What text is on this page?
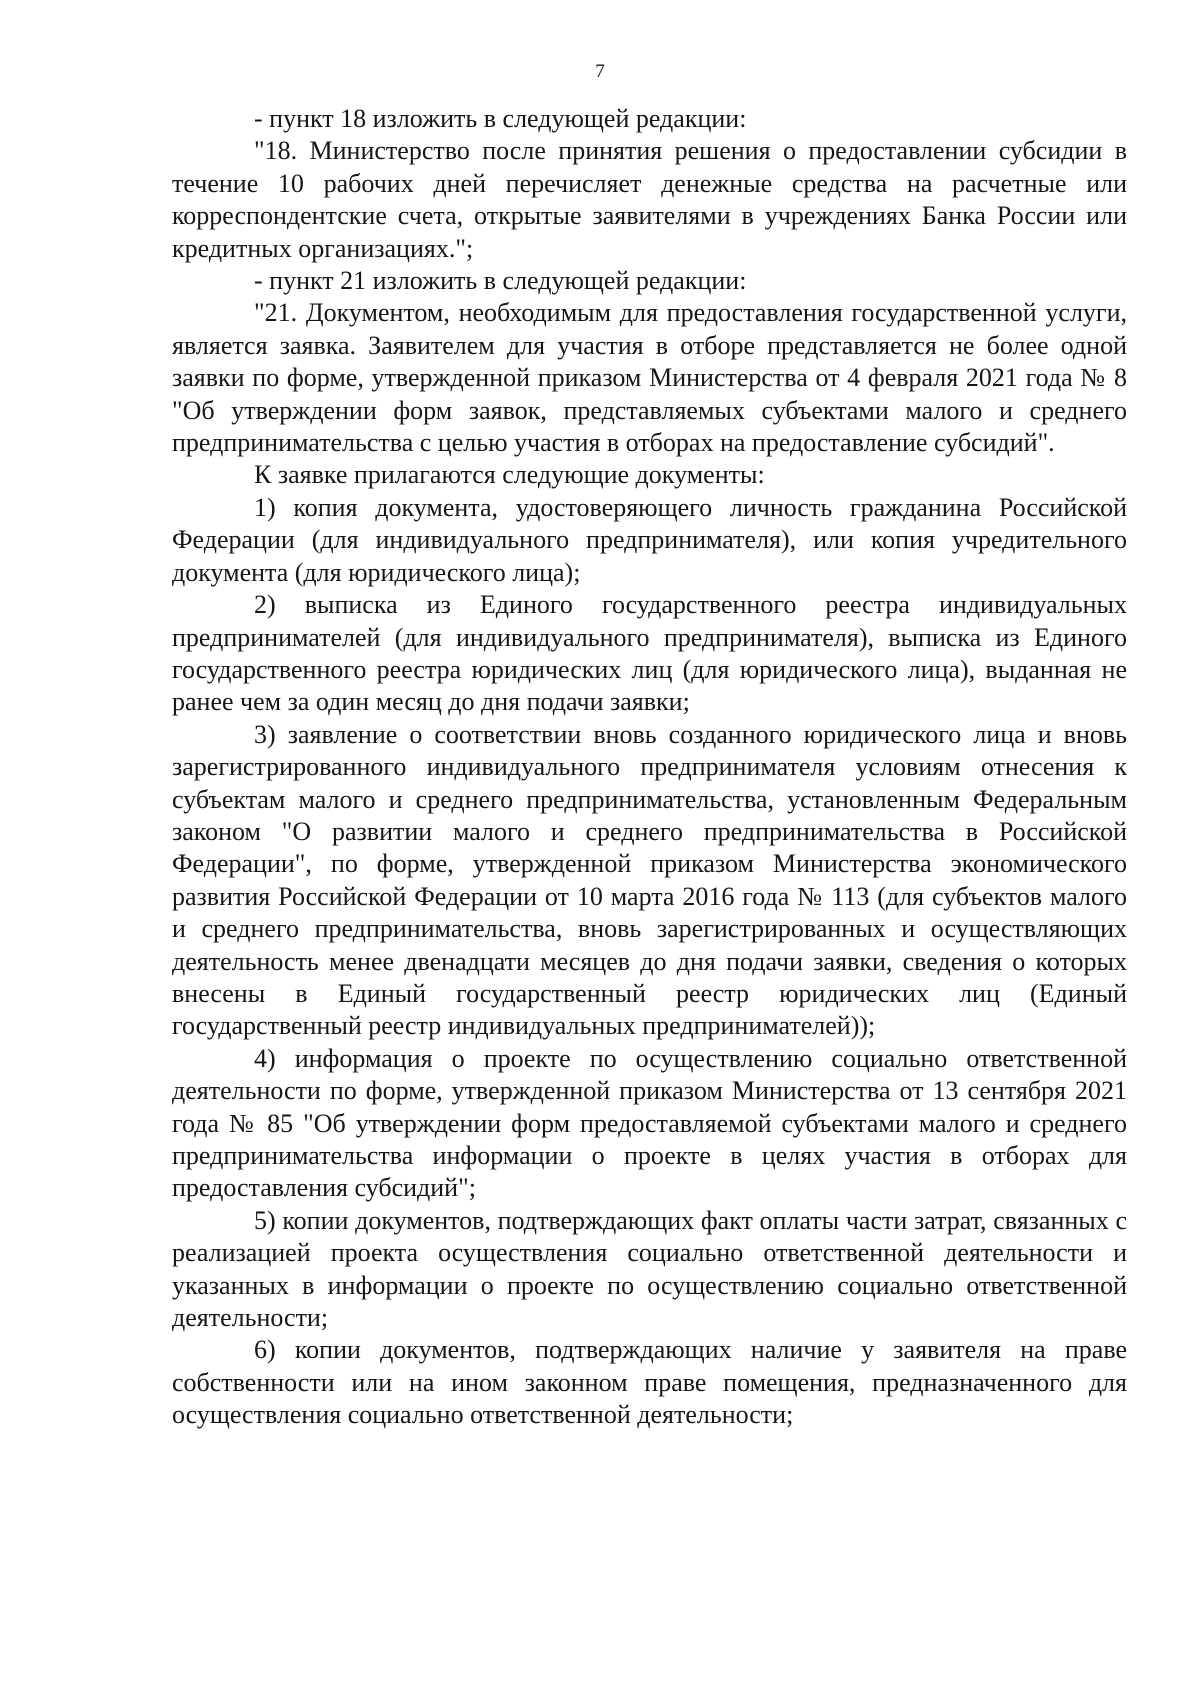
7

- пункт 18 изложить в следующей редакции:

"18. Министерство после принятия решения о предоставлении субсидии в течение 10 рабочих дней перечисляет денежные средства на расчетные или корреспондентские счета, открытые заявителями в учреждениях Банка России или кредитных организациях.";

- пункт 21 изложить в следующей редакции:

"21. Документом, необходимым для предоставления государственной услуги, является заявка. Заявителем для участия в отборе представляется не более одной заявки по форме, утвержденной приказом Министерства от 4 февраля 2021 года № 8 "Об утверждении форм заявок, представляемых субъектами малого и среднего предпринимательства с целью участия в отборах на предоставление субсидий".

К заявке прилагаются следующие документы:

1) копия документа, удостоверяющего личность гражданина Российской Федерации (для индивидуального предпринимателя), или копия учредительного документа (для юридического лица);

2) выписка из Единого государственного реестра индивидуальных предпринимателей (для индивидуального предпринимателя), выписка из Единого государственного реестра юридических лиц (для юридического лица), выданная не ранее чем за один месяц до дня подачи заявки;

3) заявление о соответствии вновь созданного юридического лица и вновь зарегистрированного индивидуального предпринимателя условиям отнесения к субъектам малого и среднего предпринимательства, установленным Федеральным законом "О развитии малого и среднего предпринимательства в Российской Федерации", по форме, утвержденной приказом Министерства экономического развития Российской Федерации от 10 марта 2016 года № 113 (для субъектов малого и среднего предпринимательства, вновь зарегистрированных и осуществляющих деятельность менее двенадцати месяцев до дня подачи заявки, сведения о которых внесены в Единый государственный реестр юридических лиц (Единый государственный реестр индивидуальных предпринимателей));

4) информация о проекте по осуществлению социально ответственной деятельности по форме, утвержденной приказом Министерства от 13 сентября 2021 года № 85 "Об утверждении форм предоставляемой субъектами малого и среднего предпринимательства информации о проекте в целях участия в отборах для предоставления субсидий";

5) копии документов, подтверждающих факт оплаты части затрат, связанных с реализацией проекта осуществления социально ответственной деятельности и указанных в информации о проекте по осуществлению социально ответственной деятельности;

6) копии документов, подтверждающих наличие у заявителя на праве собственности или на ином законном праве помещения, предназначенного для осуществления социально ответственной деятельности;
